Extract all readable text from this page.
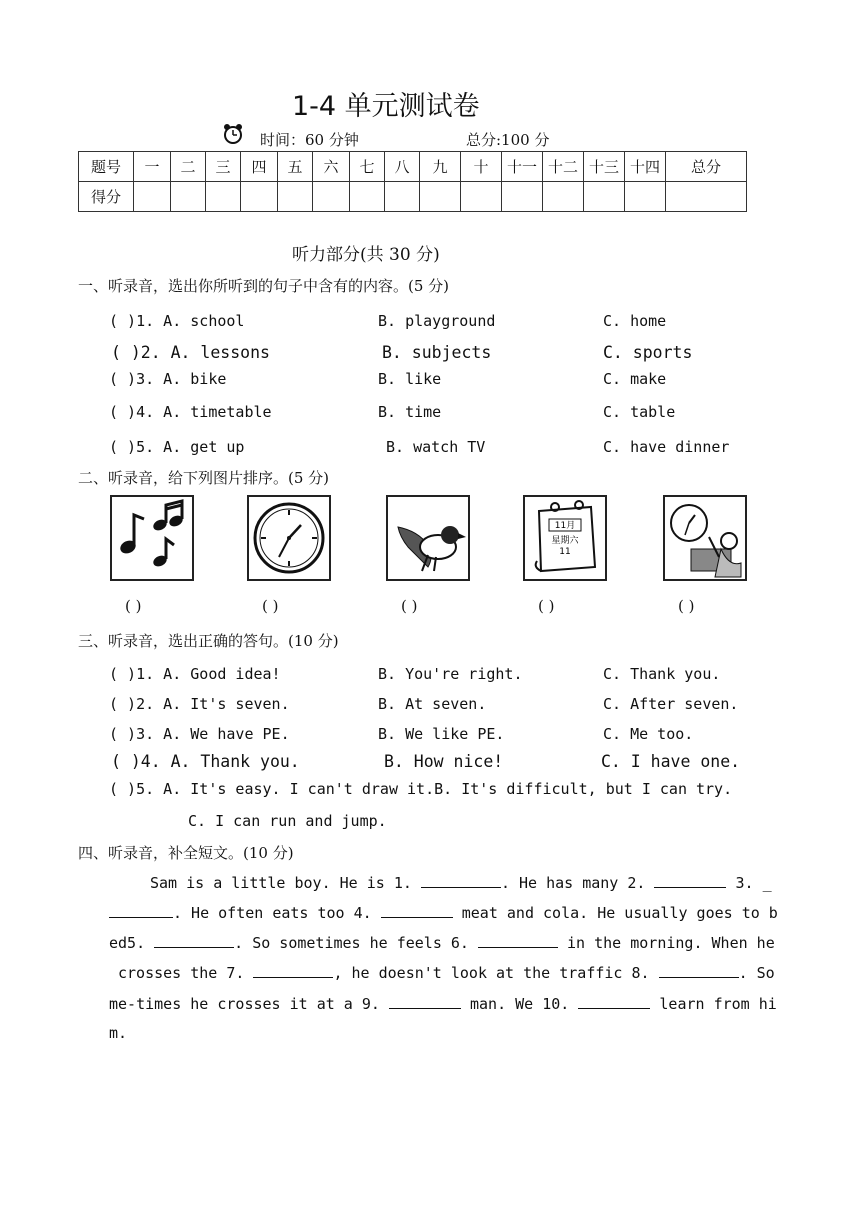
1-4 单元测试卷
时间：60 分钟	总分:100 分
题号	一	二	三	四	五	六	七	八	九	十	十一	十二	十三	十四	总分
得分															
听力部分(共 30 分)
一、听录音，选出你所听到的句子中含有的内容。(5 分)
( )1. A. school	B. playground	C. home
( )2. A. lessons	B. subjects	C. sports
( )3. A. bike	B. like	C. make
( )4. A. timetable	B. time	C. table
( )5. A. get up	B. watch TV	C. have dinner
二、听录音，给下列图片排序。(5 分)
11月
星期六
11
( )	( )	( )	( )	( )
三、听录音，选出正确的答句。(10 分)
( )1. A. Good idea!	B. You're right.	C. Thank you.
( )2. A. It's seven.	B. At seven.	C. After seven.
( )3. A. We have PE.	B. We like PE.	C. Me too.
( )4. A. Thank you.	B. How nice!	C. I have one.
( )5. A. It's easy. I can't draw it.B. It's difficult, but I can try.
C. I can run and jump.
四、听录音，补全短文。(10 分)
Sam is a little boy. He is 1.	. He has many 2.	3. _
. He often eats too 4.	meat and cola. He usually goes to b
ed5.	. So sometimes he feels 6.	in the morning. When he
crosses the 7.	, he doesn't look at the traffic 8.	. So
me-times he crosses it at a 9.	man. We 10.	learn from hi
m.
